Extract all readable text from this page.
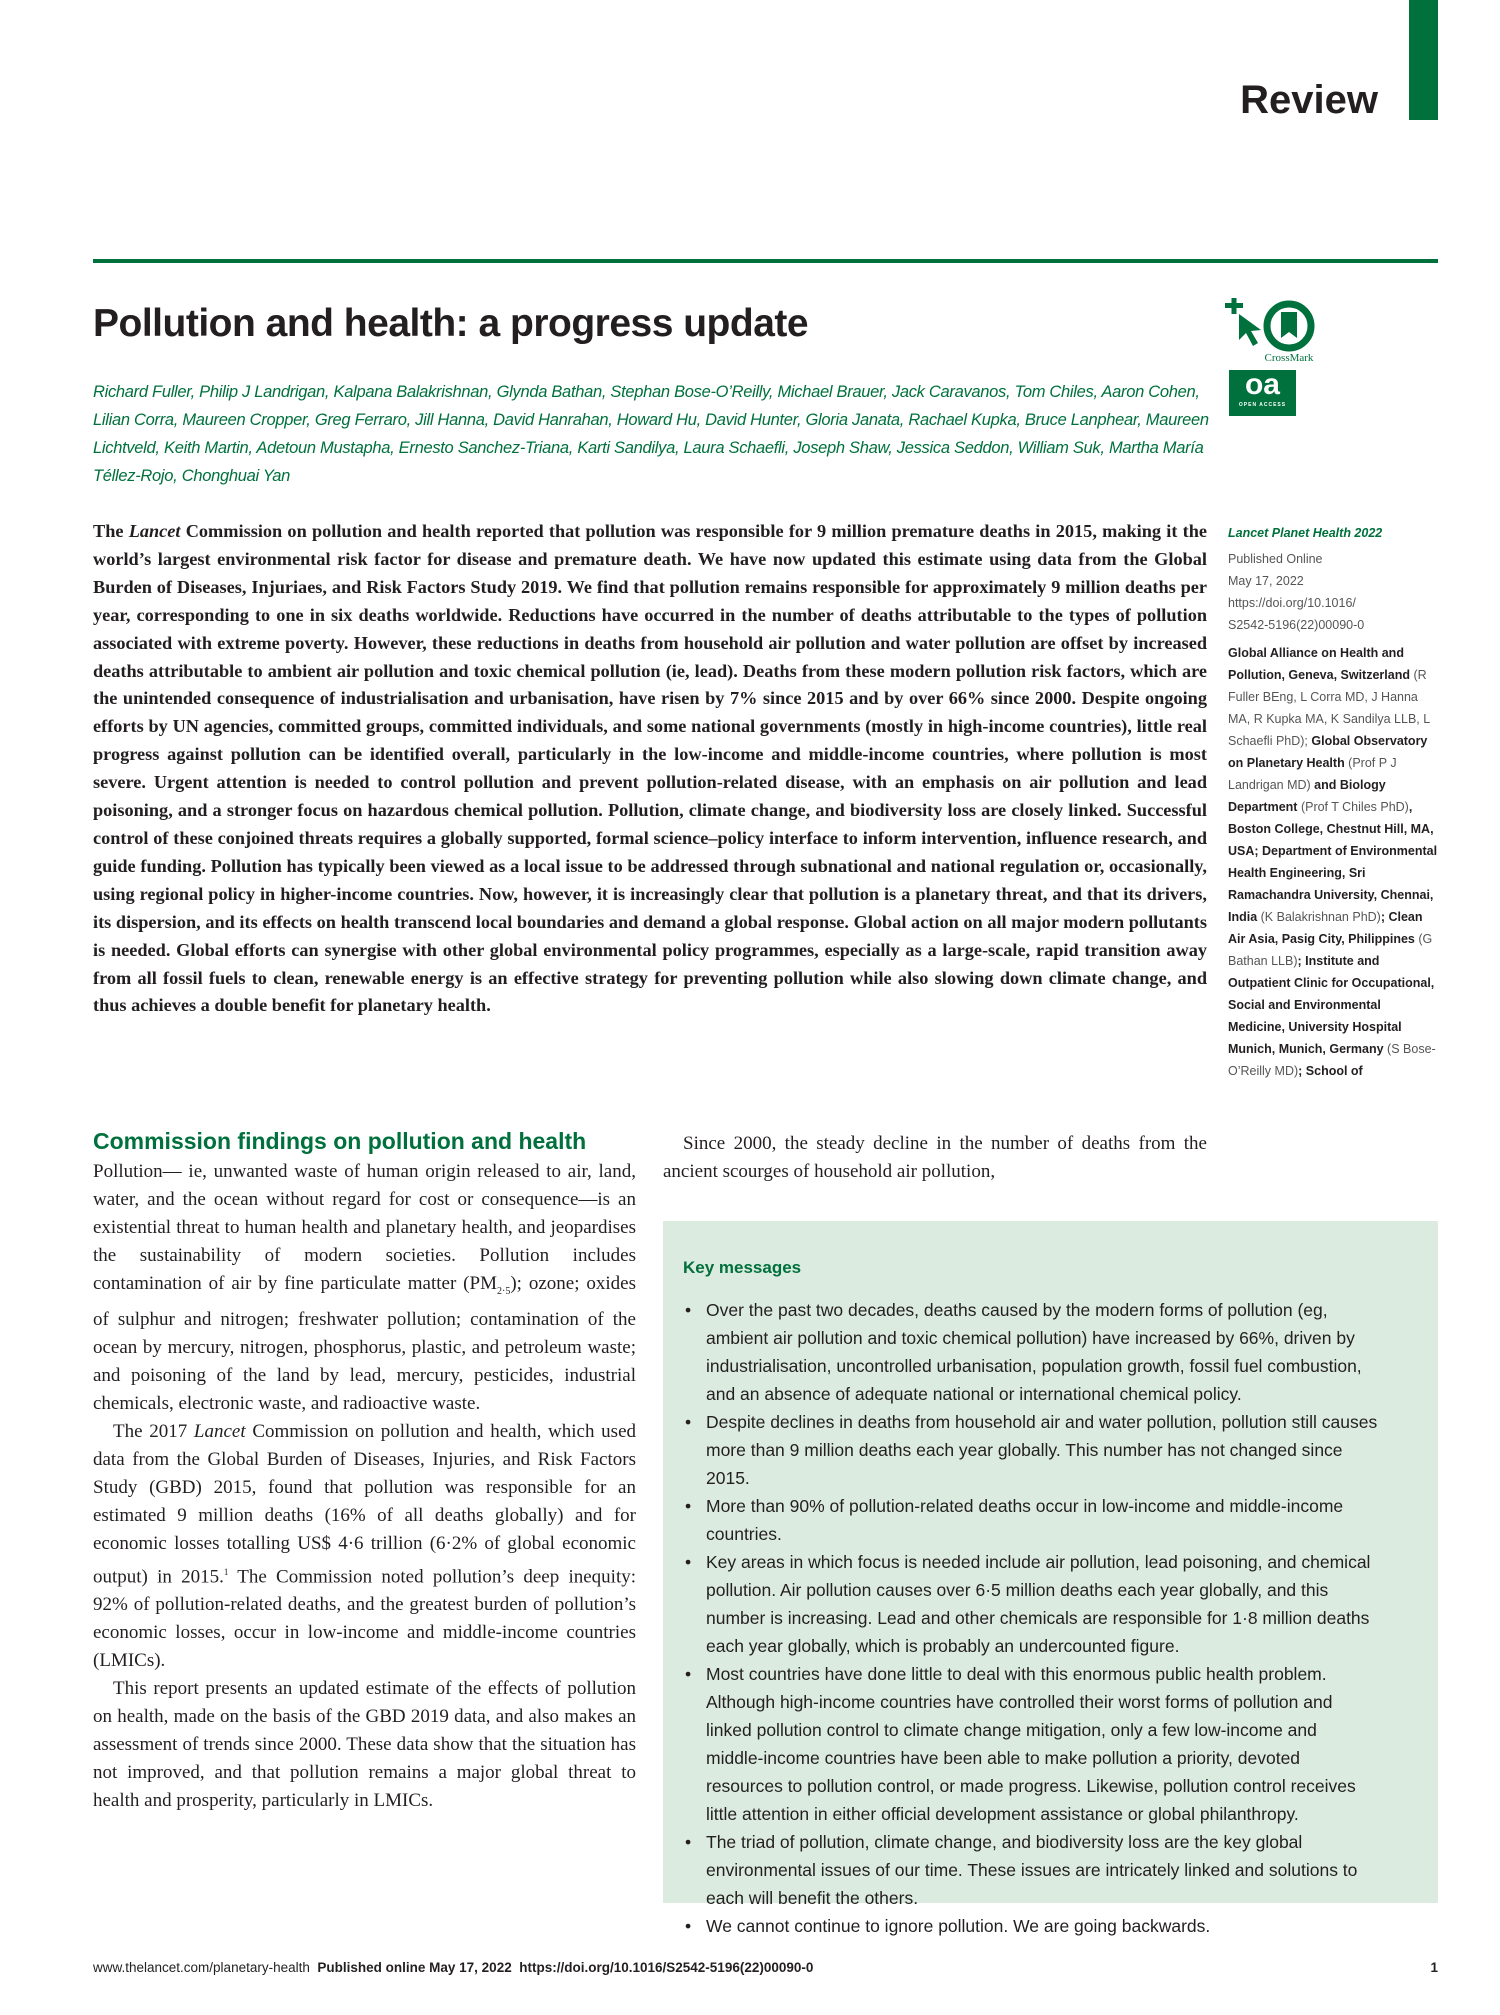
Review
Pollution and health: a progress update
CrossMark
oa
OPEN ACCESS
Richard Fuller, Philip J Landrigan, Kalpana Balakrishnan, Glynda Bathan, Stephan Bose-O’Reilly, Michael Brauer, Jack Caravanos, Tom Chiles, Aaron Cohen, Lilian Corra, Maureen Cropper, Greg Ferraro, Jill Hanna, David Hanrahan, Howard Hu, David Hunter, Gloria Janata, Rachael Kupka, Bruce Lanphear, Maureen Lichtveld, Keith Martin, Adetoun Mustapha, Ernesto Sanchez-Triana, Karti Sandilya, Laura Schaefli, Joseph Shaw, Jessica Seddon, William Suk, Martha María Téllez-Rojo, Chonghuai Yan
The Lancet Commission on pollution and health reported that pollution was responsible for 9 million premature deaths in 2015, making it the world’s largest environmental risk factor for disease and premature death. We have now updated this estimate using data from the Global Burden of Diseases, Injuriaes, and Risk Factors Study 2019. We find that pollution remains responsible for approximately 9 million deaths per year, corresponding to one in six deaths worldwide. Reductions have occurred in the number of deaths attributable to the types of pollution associated with extreme poverty. However, these reductions in deaths from household air pollution and water pollution are offset by increased deaths attributable to ambient air pollution and toxic chemical pollution (ie, lead). Deaths from these modern pollution risk factors, which are the unintended consequence of industrialisation and urbanisation, have risen by 7% since 2015 and by over 66% since 2000. Despite ongoing efforts by UN agencies, committed groups, committed individuals, and some national governments (mostly in high-income countries), little real progress against pollution can be identified overall, particularly in the low-income and middle-income countries, where pollution is most severe. Urgent attention is needed to control pollution and prevent pollution-related disease, with an emphasis on air pollution and lead poisoning, and a stronger focus on hazardous chemical pollution. Pollution, climate change, and biodiversity loss are closely linked. Successful control of these conjoined threats requires a globally supported, formal science–policy interface to inform intervention, influence research, and guide funding. Pollution has typically been viewed as a local issue to be addressed through subnational and national regulation or, occasionally, using regional policy in higher-income countries. Now, however, it is increasingly clear that pollution is a planetary threat, and that its drivers, its dispersion, and its effects on health transcend local boundaries and demand a global response. Global action on all major modern pollutants is needed. Global efforts can synergise with other global environmental policy programmes, especially as a large-scale, rapid transition away from all fossil fuels to clean, renewable energy is an effective strategy for preventing pollution while also slowing down climate change, and thus achieves a double benefit for planetary health.
Lancet Planet Health 2022
Published Online
May 17, 2022
https://doi.org/10.1016/
S2542-5196(22)00090-0
Global Alliance on Health and Pollution, Geneva, Switzerland (R Fuller BEng, L Corra MD, J Hanna MA, R Kupka MA, K Sandilya LLB, L Schaefli PhD); Global Observatory on Planetary Health (Prof P J Landrigan MD) and Biology Department (Prof T Chiles PhD), Boston College, Chestnut Hill, MA, USA; Department of Environmental Health Engineering, Sri Ramachandra University, Chennai, India (K Balakrishnan PhD); Clean Air Asia, Pasig City, Philippines (G Bathan LLB); Institute and Outpatient Clinic for Occupational, Social and Environmental Medicine, University Hospital Munich, Munich, Germany (S Bose-O’Reilly MD); School of
Commission findings on pollution and health

Pollution— ie, unwanted waste of human origin released to air, land, water, and the ocean without regard for cost or consequence—is an existential threat to human health and planetary health, and jeopardises the sustainability of modern societies. Pollution includes contamination of air by fine particulate matter $(PM_{2\cdot 5})$; ozone; oxides of sulphur and nitrogen; freshwater pollution; contamination of the ocean by mercury, nitrogen, phosphorus, plastic, and petroleum waste; and poisoning of the land by lead, mercury, pesticides, industrial chemicals, electronic waste, and radioactive waste.

The 2017 Lancet Commission on pollution and health, which used data from the Global Burden of Diseases, Injuries, and Risk Factors Study (GBD) 2015, found that pollution was responsible for an estimated 9 million deaths (16% of all deaths globally) and for economic losses totalling US$ 4·6 trillion (6·2% of global economic output) in 2015.$^1$ The Commission noted pollution’s deep inequity: 92% of pollution-related deaths, and the greatest burden of pollution’s economic losses, occur in low-income and middle-income countries (LMICs).

This report presents an updated estimate of the effects of pollution on health, made on the basis of the GBD 2019 data, and also makes an assessment of trends since 2000. These data show that the situation has not improved, and that pollution remains a major global threat to health and prosperity, particularly in LMICs.

Since 2000, the steady decline in the number of deaths from the ancient scourges of household air pollution,

Key messages
• Over the past two decades, deaths caused by the modern forms of pollution (eg, ambient air pollution and toxic chemical pollution) have increased by 66%, driven by industrialisation, uncontrolled urbanisation, population growth, fossil fuel combustion, and an absence of adequate national or international chemical policy.
• Despite declines in deaths from household air and water pollution, pollution still causes more than 9 million deaths each year globally. This number has not changed since 2015.
• More than 90% of pollution-related deaths occur in low-income and middle-income countries.
• Key areas in which focus is needed include air pollution, lead poisoning, and chemical pollution. Air pollution causes over 6·5 million deaths each year globally, and this number is increasing. Lead and other chemicals are responsible for 1·8 million deaths each year globally, which is probably an undercounted figure.
• Most countries have done little to deal with this enormous public health problem. Although high-income countries have controlled their worst forms of pollution and linked pollution control to climate change mitigation, only a few low-income and middle-income countries have been able to make pollution a priority, devoted resources to pollution control, or made progress. Likewise, pollution control receives little attention in either official development assistance or global philanthropy.
• The triad of pollution, climate change, and biodiversity loss are the key global environmental issues of our time. These issues are intricately linked and solutions to each will benefit the others.
• We cannot continue to ignore pollution. We are going backwards.
www.thelancet.com/planetary-health Published online May 17, 2022 https://doi.org/10.1016/S2542-5196(22)00090-0	1
